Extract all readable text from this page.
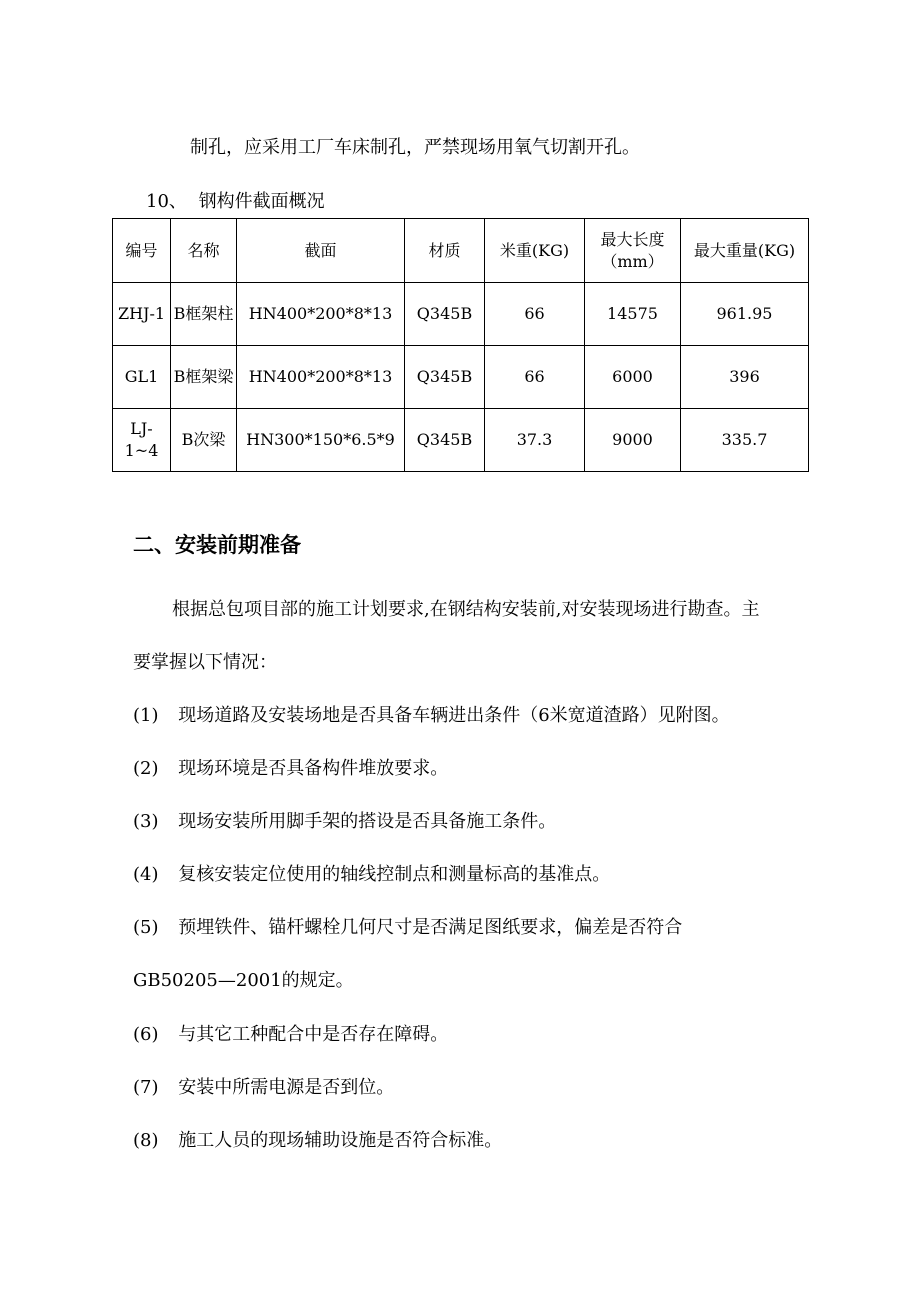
制孔，应采用工厂车床制孔，严禁现场用氧气切割开孔。
10、 钢构件截面概况
编号	名称	截面	材质	米重(KG)	最大长度（mm）	最大重量(KG)
ZHJ-1	B框架柱	HN400*200*8*13	Q345B	66	14575	961.95
GL1	B框架梁	HN400*200*8*13	Q345B	66	6000	396
LJ-1~4	B次梁	HN300*150*6.5*9	Q345B	37.3	9000	335.7
二、安装前期准备
根据总包项目部的施工计划要求,在钢结构安装前,对安装现场进行勘查。主
要掌握以下情况：
(1) 现场道路及安装场地是否具备车辆进出条件（6米宽道渣路）见附图。
(2) 现场环境是否具备构件堆放要求。
(3) 现场安装所用脚手架的搭设是否具备施工条件。
(4) 复核安装定位使用的轴线控制点和测量标高的基准点。
(5) 预埋铁件、锚杆螺栓几何尺寸是否满足图纸要求，偏差是否符合
GB50205—2001的规定。
(6) 与其它工种配合中是否存在障碍。
(7) 安装中所需电源是否到位。
(8) 施工人员的现场辅助设施是否符合标准。
